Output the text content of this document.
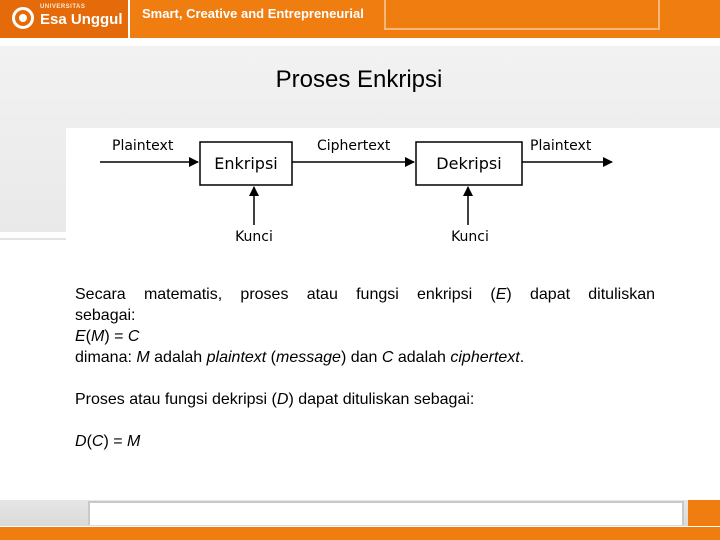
UNIVERSITAS
Esa Unggul Smart, Creative and Entrepreneurial
Proses Enkripsi
Plaintext
Enkripsi
Ciphertext
Dekripsi
Plaintext
Kunci	Kunci

Secara matematis, proses atau fungsi enkripsi (E) dapat dituliskan

sebagai:

E(M) = C

dimana: M adalah plaintext (message) dan C adalah ciphertext.

Proses atau fungsi dekripsi (D) dapat dituliskan sebagai:

D(C) = M
